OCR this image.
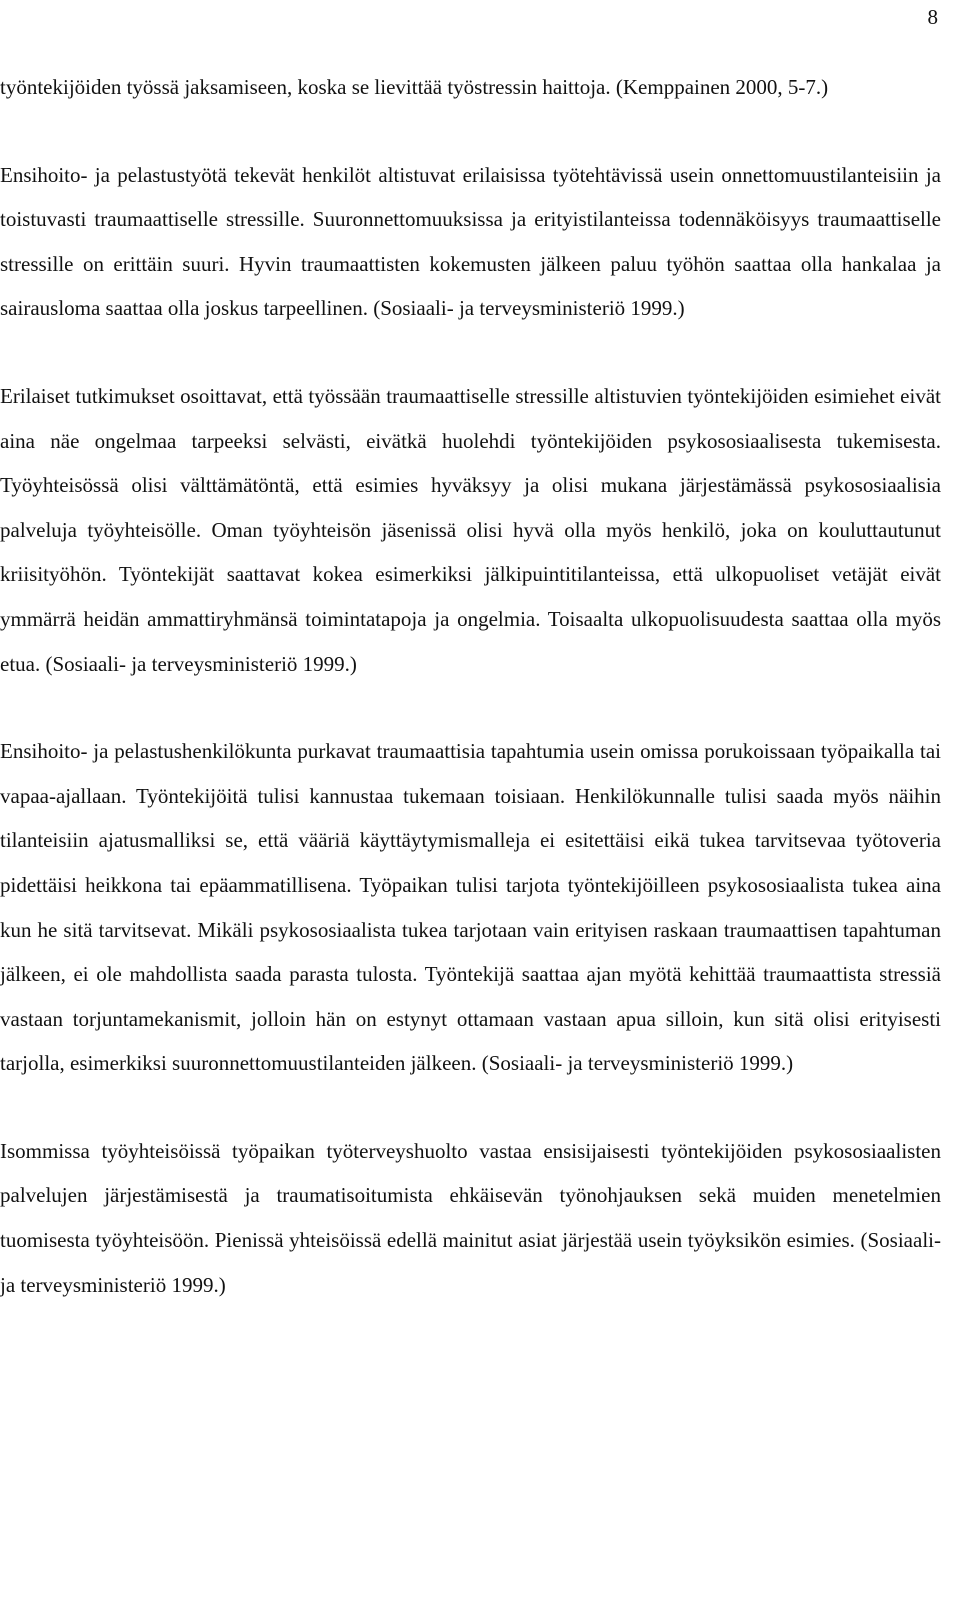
8

työntekijöiden työssä jaksamiseen, koska se lievittää työstressin haittoja. (Kemppainen 2000, 5-7.)

Ensihoito- ja pelastustyötä tekevät henkilöt altistuvat erilaisissa työtehtävissä usein onnettomuustilanteisiin ja toistuvasti traumaattiselle stressille. Suuronnettomuuksissa ja erityistilanteissa todennäköisyys traumaattiselle stressille on erittäin suuri. Hyvin traumaattisten kokemusten jälkeen paluu työhön saattaa olla hankalaa ja sairausloma saattaa olla joskus tarpeellinen. (Sosiaali- ja terveysministeriö 1999.)

Erilaiset tutkimukset osoittavat, että työssään traumaattiselle stressille altistuvien työntekijöiden esimiehet eivät aina näe ongelmaa tarpeeksi selvästi, eivätkä huolehdi työntekijöiden psykososiaalisesta tukemisesta. Työyhteisössä olisi välttämätöntä, että esimies hyväksyy ja olisi mukana järjestämässä psykososiaalisia palveluja työyhteisölle. Oman työyhteisön jäsenissä olisi hyvä olla myös henkilö, joka on kouluttautunut kriisityöhön. Työntekijät saattavat kokea esimerkiksi jälkipuintitilanteissa, että ulkopuoliset vetäjät eivät ymmärrä heidän ammattiryhmänsä toimintatapoja ja ongelmia. Toisaalta ulkopuolisuudesta saattaa olla myös etua. (Sosiaali- ja terveysministeriö 1999.)

Ensihoito- ja pelastushenkilökunta purkavat traumaattisia tapahtumia usein omissa porukoissaan työpaikalla tai vapaa-ajallaan. Työntekijöitä tulisi kannustaa tukemaan toisiaan. Henkilökunnalle tulisi saada myös näihin tilanteisiin ajatusmalliksi se, että vääriä käyttäytymismalleja ei esitettäisi eikä tukea tarvitsevaa työtoveria pidettäisi heikkona tai epäammatillisena. Työpaikan tulisi tarjota työntekijöilleen psykososiaalista tukea aina kun he sitä tarvitsevat. Mikäli psykososiaalista tukea tarjotaan vain erityisen raskaan traumaattisen tapahtuman jälkeen, ei ole mahdollista saada parasta tulosta. Työntekijä saattaa ajan myötä kehittää traumaattista stressiä vastaan torjuntamekanismit, jolloin hän on estynyt ottamaan vastaan apua silloin, kun sitä olisi erityisesti tarjolla, esimerkiksi suuronnettomuustilanteiden jälkeen. (Sosiaali- ja terveysministeriö 1999.)

Isommissa työyhteisöissä työpaikan työterveyshuolto vastaa ensisijaisesti työntekijöiden psykososiaalisten palvelujen järjestämisestä ja traumatisoitumista ehkäisevän työnohjauksen sekä muiden menetelmien tuomisesta työyhteisöön. Pienissä yhteisöissä edellä mainitut asiat järjestää usein työyksikön esimies. (Sosiaali- ja terveysministeriö 1999.)
